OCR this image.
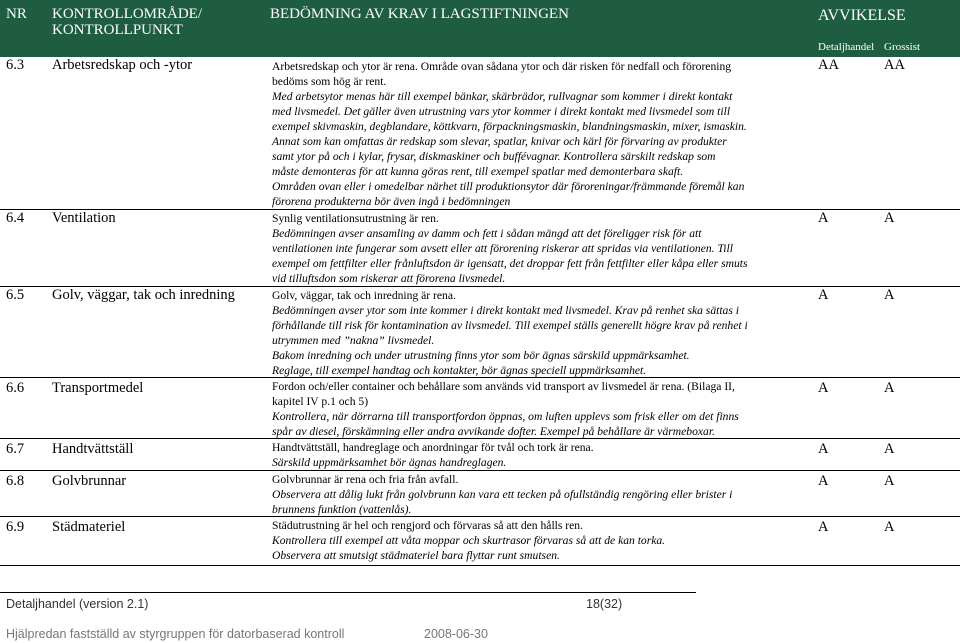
NR KONTROLLOMRÅDE/
KONTROLLPUNKT
BEDÖMNING AV KRAV I LAGSTIFTNINGEN	AVVIKELSE
Detaljhandel Grossist
6.3 Arbetsredskap och -ytor	Arbetsredskap och ytor är rena. Område ovan sådana ytor och där risken för nedfall och förorening
bedöms som hög är rent.
Med arbetsytor menas här till exempel bänkar, skärbrädor, rullvagnar som kommer i direkt kontakt
med livsmedel. Det gäller även utrustning vars ytor kommer i direkt kontakt med livsmedel som till
exempel skivmaskin, degblandare, köttkvarn, förpackningsmaskin, blandningsmaskin, mixer, ismaskin.
Annat som kan omfattas är redskap som slevar, spatlar, knivar och kärl för förvaring av produkter
samt ytor på och i kylar, frysar, diskmaskiner och buffévagnar. Kontrollera särskilt redskap som
måste demonteras för att kunna göras rent, till exempel spatlar med demonterbara skaft.
Områden ovan eller i omedelbar närhet till produktionsytor där föroreningar/främmande föremål kan
förorena produkterna bör även ingå i bedömningen
AA	AA
6.4 Ventilation	Synlig ventilationsutrustning är ren.
Bedömningen avser ansamling av damm och fett i sådan mängd att det föreligger risk för att
ventilationen inte fungerar som avsett eller att förorening riskerar att spridas via ventilationen. Till
exempel om fettfilter eller frånluftsdon är igensatt, det droppar fett från fettfilter eller kåpa eller smuts
vid tilluftsdon som riskerar att förorena livsmedel.
A	A
6.5 Golv, väggar, tak och inredning	Golv, väggar, tak och inredning är rena.
Bedömningen avser ytor som inte kommer i direkt kontakt med livsmedel. Krav på renhet ska sättas i
förhållande till risk för kontamination av livsmedel. Till exempel ställs generellt högre krav på renhet i
utrymmen med ”nakna” livsmedel.
Bakom inredning och under utrustning finns ytor som bör ägnas särskild uppmärksamhet.
Reglage, till exempel handtag och kontakter, bör ägnas speciell uppmärksamhet.
A	A
6.6 Transportmedel	Fordon och/eller container och behållare som används vid transport av livsmedel är rena. (Bilaga II,
kapitel IV p.1 och 5)
Kontrollera, när dörrarna till transportfordon öppnas, om luften upplevs som frisk eller om det finns
spår av diesel, förskämning eller andra avvikande dofter. Exempel på behållare är värmeboxar.
A	A
6.7 Handtvättställ	Handtvättställ, handreglage och anordningar för tvål och tork är rena.
Särskild uppmärksamhet bör ägnas handreglagen.
A	A
6.8 Golvbrunnar	Golvbrunnar är rena och fria från avfall.
Observera att dålig lukt från golvbrunn kan vara ett tecken på ofullständig rengöring eller brister i
brunnens funktion (vattenlås).
A	A
6.9 Städmateriel	Städutrustning är hel och rengjord och förvaras så att den hålls ren.
Kontrollera till exempel att våta moppar och skurtrasor förvaras så att de kan torka.
Observera att smutsigt städmateriel bara flyttar runt smutsen.
A	A
Detaljhandel (version 2.1)	18(32)
Hjälpredan fastställd av styrgruppen för datorbaserad kontroll	2008-06-30
